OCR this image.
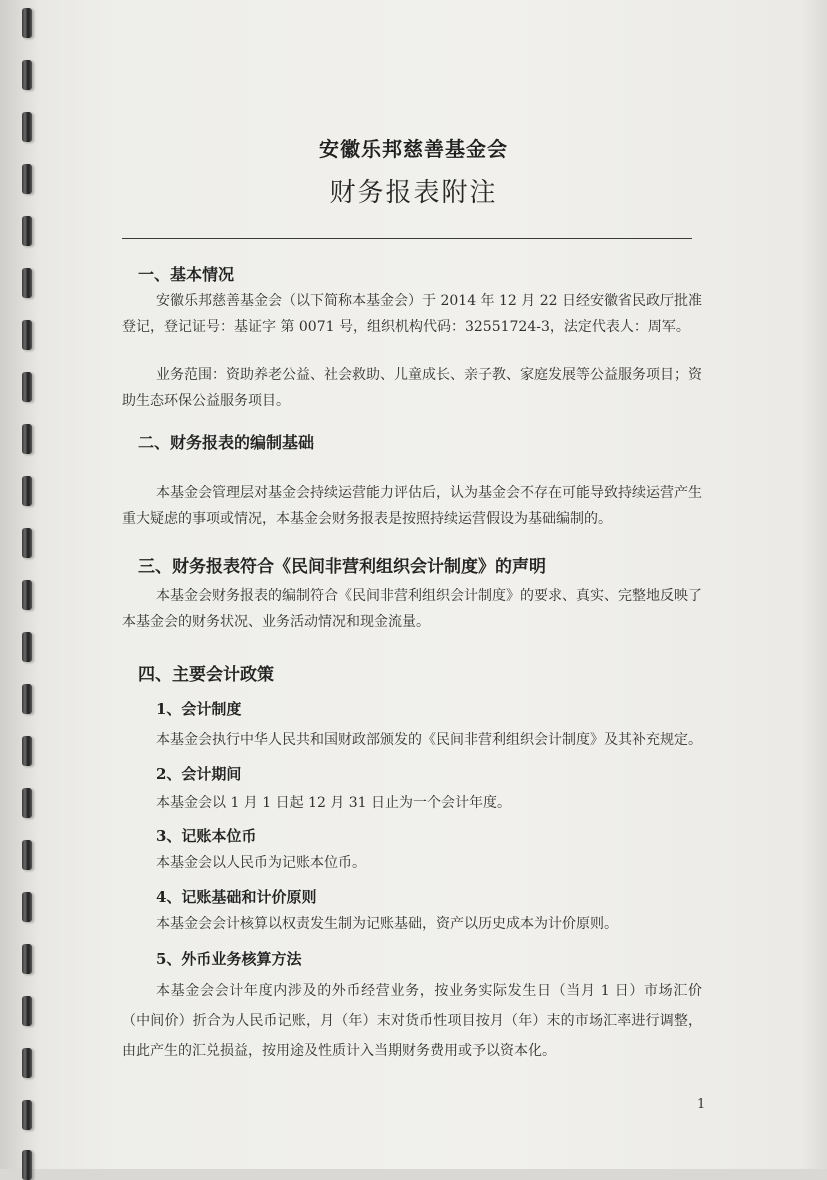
安徽乐邦慈善基金会
财务报表附注
一、基本情况
安徽乐邦慈善基金会（以下简称本基金会）于 2014 年 12 月 22 日经安徽省民政厅批准登记，登记证号：基证字 第 0071 号，组织机构代码：32551724-3，法定代表人：周军。
业务范围：资助养老公益、社会救助、儿童成长、亲子教、家庭发展等公益服务项目；资助生态环保公益服务项目。
二、财务报表的编制基础
本基金会管理层对基金会持续运营能力评估后，认为基金会不存在可能导致持续运营产生重大疑虑的事项或情况，本基金会财务报表是按照持续运营假设为基础编制的。
三、财务报表符合《民间非营利组织会计制度》的声明
本基金会财务报表的编制符合《民间非营利组织会计制度》的要求、真实、完整地反映了本基金会的财务状况、业务活动情况和现金流量。
四、主要会计政策
1、会计制度
本基金会执行中华人民共和国财政部颁发的《民间非营利组织会计制度》及其补充规定。
2、会计期间
本基金会以 1 月 1 日起 12 月 31 日止为一个会计年度。
3、记账本位币
本基金会以人民币为记账本位币。
4、记账基础和计价原则
本基金会会计核算以权责发生制为记账基础，资产以历史成本为计价原则。
5、外币业务核算方法
本基金会会计年度内涉及的外币经营业务，按业务实际发生日（当月 1 日）市场汇价（中间价）折合为人民币记账，月（年）末对货币性项目按月（年）末的市场汇率进行调整，由此产生的汇兑损益，按用途及性质计入当期财务费用或予以资本化。
1
